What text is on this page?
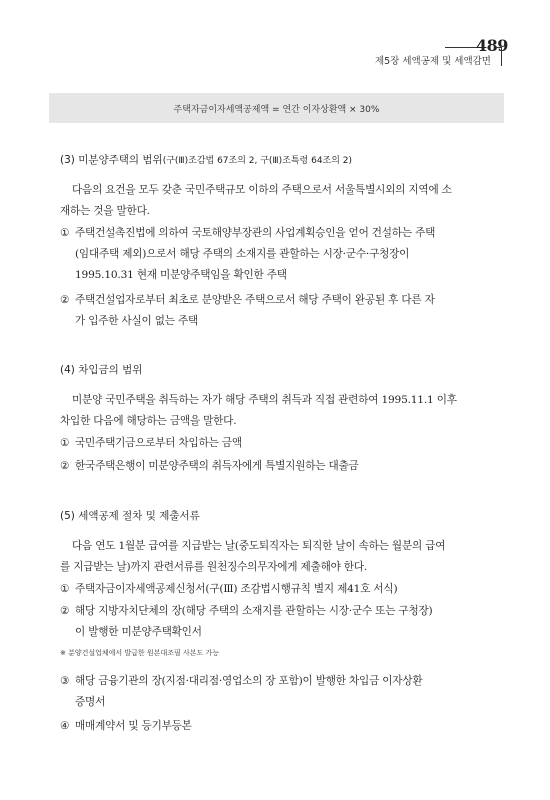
489
제5장 세액공제 및 세액감면
주택자금이자세액공제액 = 연간 이자상환액 × 30%
(3) 미분양주택의 범위(구(Ⅲ)조감법 67조의 2, 구(Ⅲ)조특령 64조의 2)
다음의 요건을 모두 갖춘 국민주택규모 이하의 주택으로서 서울특별시외의 지역에 소
재하는 것을 말한다.
① 주택건설촉진법에 의하여 국토해양부장관의 사업계획승인을 얻어 건설하는 주택
(임대주택 제외)으로서 해당 주택의 소재지를 관할하는 시장·군수·구청장이
1995.10.31 현재 미분양주택임을 확인한 주택
② 주택건설업자로부터 최초로 분양받은 주택으로서 해당 주택이 완공된 후 다른 자
가 입주한 사실이 없는 주택
(4) 차입금의 범위
미분양 국민주택을 취득하는 자가 해당 주택의 취득과 직접 관련하여 1995.11.1 이후
차입한 다음에 해당하는 금액을 말한다.
① 국민주택기금으로부터 차입하는 금액
② 한국주택은행이 미분양주택의 취득자에게 특별지원하는 대출금
(5) 세액공제 절차 및 제출서류
다음 연도 1월분 급여를 지급받는 날(중도퇴직자는 퇴직한 날이 속하는 월분의 급여
를 지급받는 날)까지 관련서류를 원천징수의무자에게 제출해야 한다.
① 주택자금이자세액공제신청서(구(Ⅲ) 조감법시행규칙 별지 제41호 서식)
② 해당 지방자치단체의 장(해당 주택의 소재지를 관할하는 시장·군수 또는 구청장)
이 발행한 미분양주택확인서
※ 분양건설업체에서 발급한 원본대조필 사본도 가능
③ 해당 금융기관의 장(지점·대리점·영업소의 장 포함)이 발행한 차입금 이자상환
증명서
④ 매매계약서 및 등기부등본
